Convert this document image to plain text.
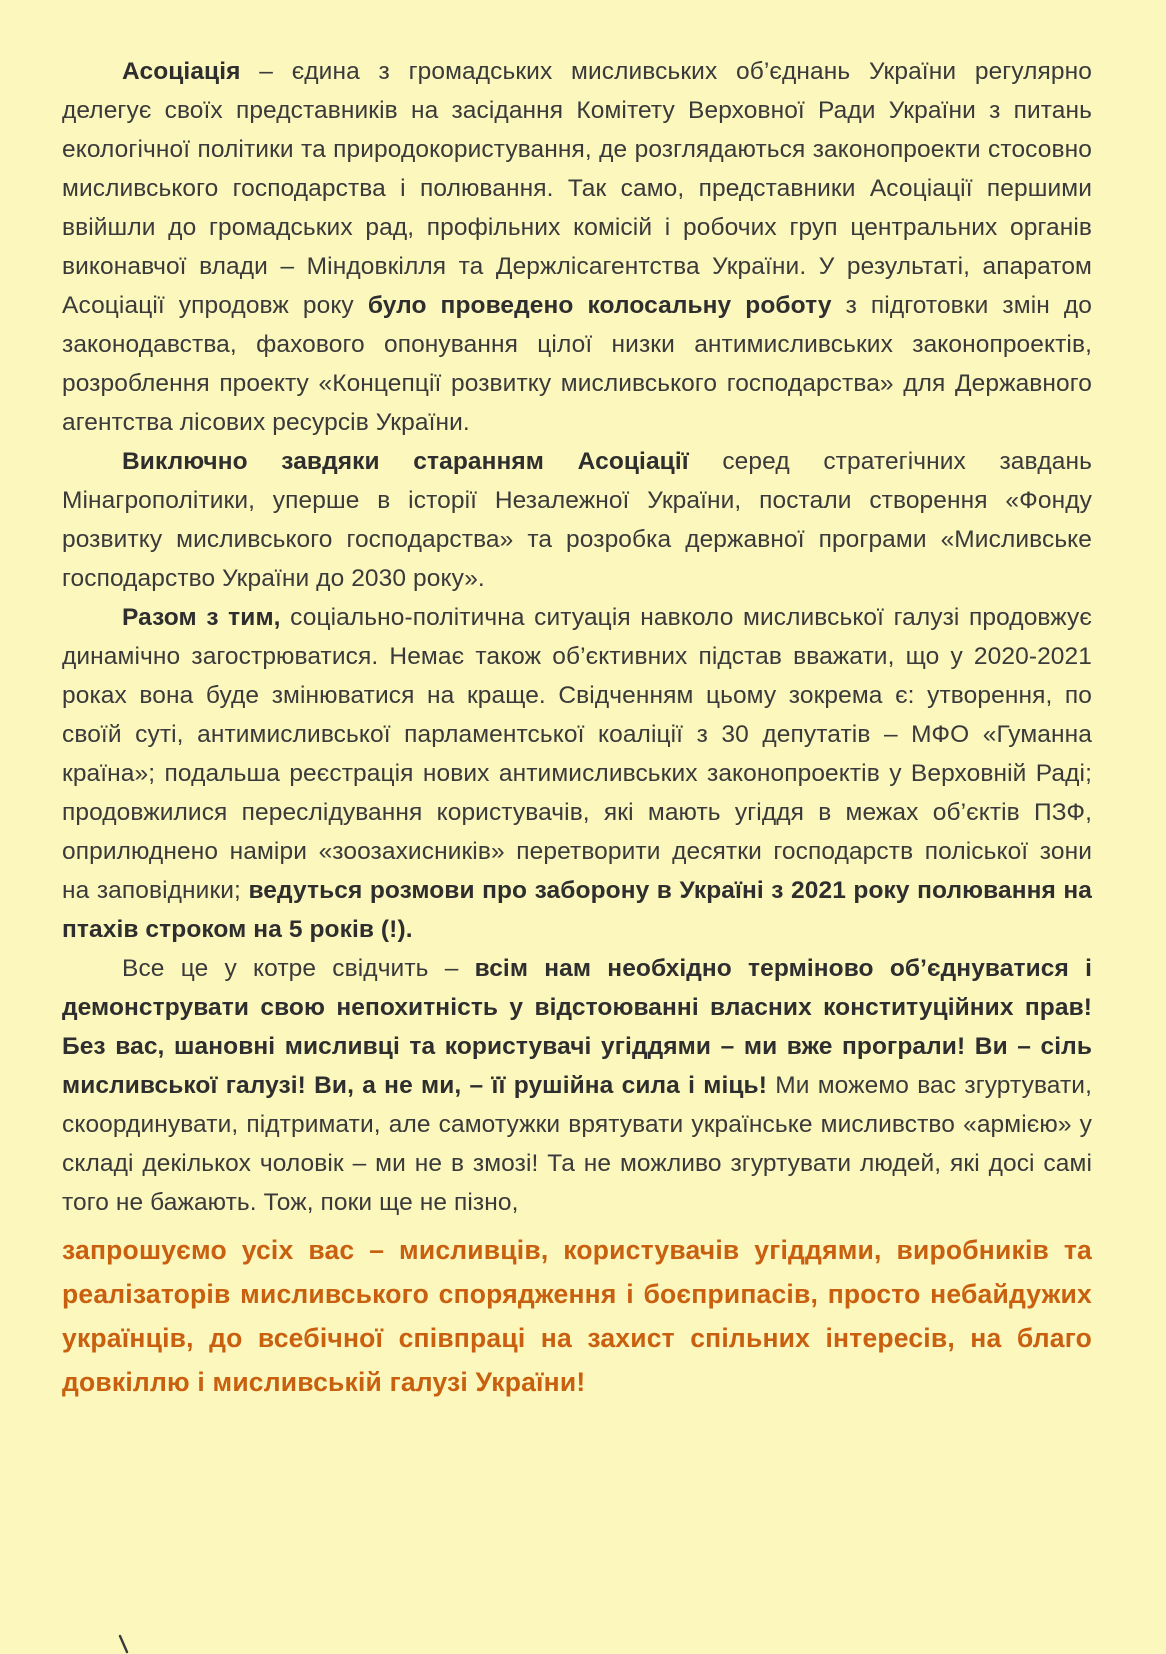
Асоціація – єдина з громадських мисливських об’єднань України регулярно делегує своїх представників на засідання Комітету Верховної Ради України з питань екологічної політики та природокористування, де розглядаються законопроекти стосовно мисливського господарства і полювання. Так само, представники Асоціації першими ввійшли до громадських рад, профільних комісій і робочих груп центральних органів виконавчої влади – Міндовкілля та Держлісагентства України. У результаті, апаратом Асоціації упродовж року було проведено колосальну роботу з підготовки змін до законодавства, фахового опонування цілої низки антимисливських законопроектів, розроблення проекту «Концепції розвитку мисливського господарства» для Державного агентства лісових ресурсів України.

Виключно завдяки старанням Асоціації серед стратегічних завдань Мінагрополітики, уперше в історії Незалежної України, постали створення «Фонду розвитку мисливського господарства» та розробка державної програми «Мисливське господарство України до 2030 року».

Разом з тим, соціально-політична ситуація навколо мисливської галузі продовжує динамічно загострюватися. Немає також об’єктивних підстав вважати, що у 2020-2021 роках вона буде змінюватися на краще. Свідченням цьому зокрема є: утворення, по своїй суті, антимисливської парламентської коаліції з 30 депутатів – МФО «Гуманна країна»; подальша реєстрація нових антимисливських законопроектів у Верховній Раді; продовжилися переслідування користувачів, які мають угіддя в межах об’єктів ПЗФ, оприлюднено наміри «зоозахисників» перетворити десятки господарств поліської зони на заповідники; ведуться розмови про заборону в Україні з 2021 року полювання на птахів строком на 5 років (!).

Все це у котре свідчить – всім нам необхідно терміново об’єднуватися і демонструвати свою непохитність у відстоюванні власних конституційних прав! Без вас, шановні мисливці та користувачі угіддями – ми вже програли! Ви – сіль мисливської галузі! Ви, а не ми, – її рушійна сила і міць! Ми можемо вас згуртувати, скоординувати, підтримати, але самотужки врятувати українське мисливство «армією» у складі декількох чоловік – ми не в змозі! Та не можливо згуртувати людей, які досі самі того не бажають. Тож, поки ще не пізно,

запрошуємо усіх вас – мисливців, користувачів угіддями, виробників та реалізаторів мисливського спорядження і боєприпасів, просто небайдужих українців, до всебічної співпраці на захист спільних інтересів, на благо довкіллю і мисливській галузі України!
